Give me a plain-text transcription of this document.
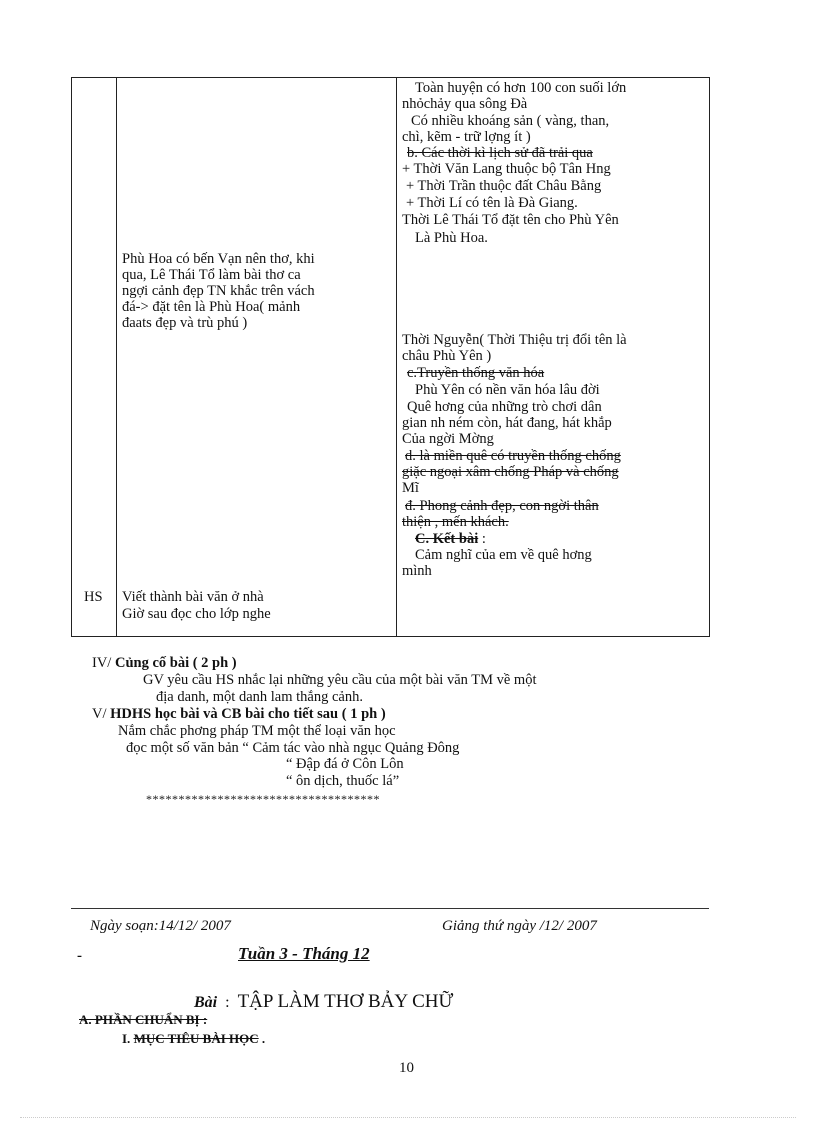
HS

Phù Hoa có bến Vạn nên thơ, khi
qua, Lê Thái Tổ làm bài thơ ca
ngợi cảnh đẹp TN khắc trên vách
đá-> đặt tên là Phù Hoa( mảnh
đaats đẹp và trù phú )
Viết thành bài văn ở nhà
Giờ sau đọc cho lớp nghe

Toàn huyện có hơn 100 con suối lớn
nhỏchảy qua sông Đà
Có nhiều khoáng sản ( vàng, than,
chì, kẽm - trữ lợng ít )
b. Các thời kì lịch sử đã trải qua
+ Thời Văn Lang thuộc bộ Tân Hng
+ Thời Trần thuộc đất Châu Bằng
+ Thời Lí có tên là Đà Giang.
Thời Lê Thái Tổ đặt tên cho Phù Yên
Là Phù Hoa.
Thời Nguyễn( Thời Thiệu trị đổi tên là
châu Phù Yên )
c.Truyền thống văn hóa
Phù Yên có nền văn hóa lâu đời
Quê hơng của những trò chơi dân
gian nh ném còn, hát đang, hát khắp
Của ngời Mờng
d. là miền quê có truyền thống chống
giặc ngoại xâm chống Pháp và chống
Mĩ
đ. Phong cảnh đẹp, con ngời thân
thiện , mến khách.
C. Kết bài :
Cảm nghĩ của em về quê hơng
mình
IV/ Củng cố bài ( 2 ph )
GV yêu cầu HS nhắc lại những yêu cầu của một bài văn TM về một
địa danh, một danh lam thắng cảnh.
V/ HDHS học bài và CB bài cho tiết sau ( 1 ph )
Nắm chắc phơng pháp TM một thể loại văn học
đọc một số văn bản “ Cảm tác vào nhà ngục Quảng Đông
“ Đập đá ở Côn Lôn
“ ôn dịch, thuốc lá”
************************************
Ngày soạn:14/12/ 2007	Giảng thứ ngày /12/ 2007
-	Tuần 3 - Tháng 12
Bài : TẬP LÀM THƠ BẢY CHỮ
A. PHẦN CHUẨN BỊ :
I. MỤC TIÊU BÀI HỌC .
10
